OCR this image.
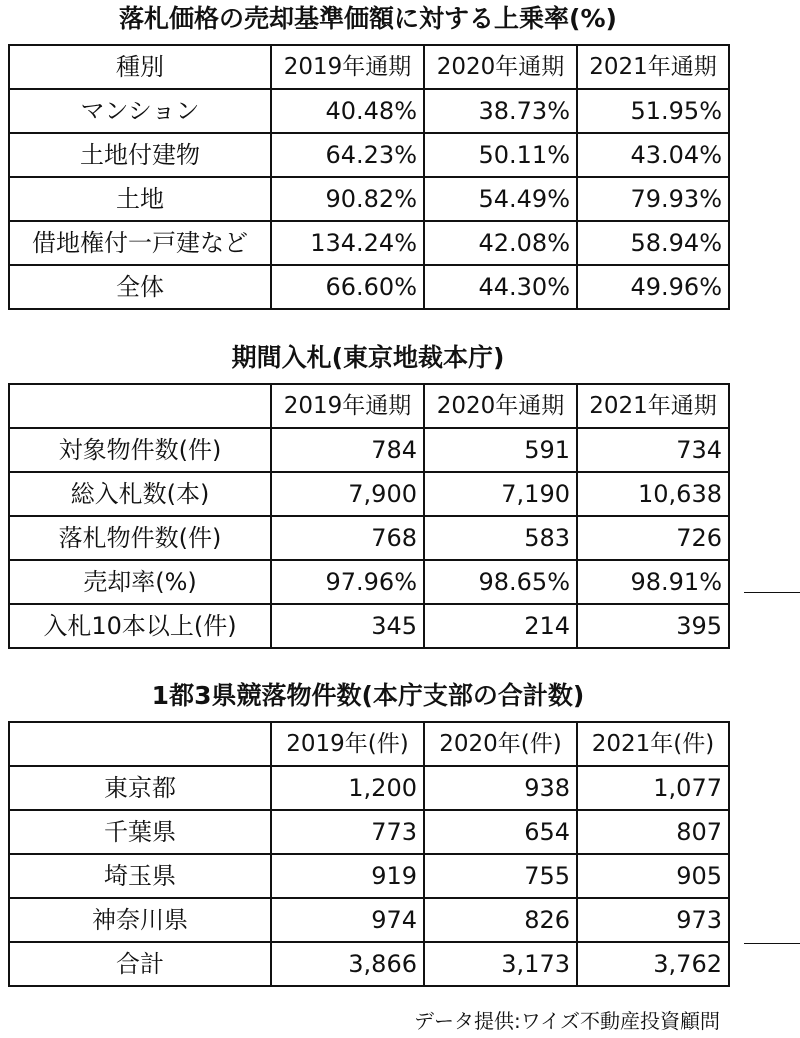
落札価格の売却基準価額に対する上乗率(%)
種別	2019年通期	2020年通期	2021年通期
マンション	40.48%	38.73%	51.95%
土地付建物	64.23%	50.11%	43.04%
土地	90.82%	54.49%	79.93%
借地権付一戸建など	134.24%	42.08%	58.94%
全体	66.60%	44.30%	49.96%
期間入札(東京地裁本庁)
	2019年通期	2020年通期	2021年通期
対象物件数(件)	784	591	734
総入札数(本)	7,900	7,190	10,638
落札物件数(件)	768	583	726
売却率(%)	97.96%	98.65%	98.91%
入札10本以上(件)	345	214	395
1都3県競落物件数(本庁支部の合計数)
	2019年(件)	2020年(件)	2021年(件)
東京都	1,200	938	1,077
千葉県	773	654	807
埼玉県	919	755	905
神奈川県	974	826	973
合計	3,866	3,173	3,762
データ提供:ワイズ不動産投資顧問
